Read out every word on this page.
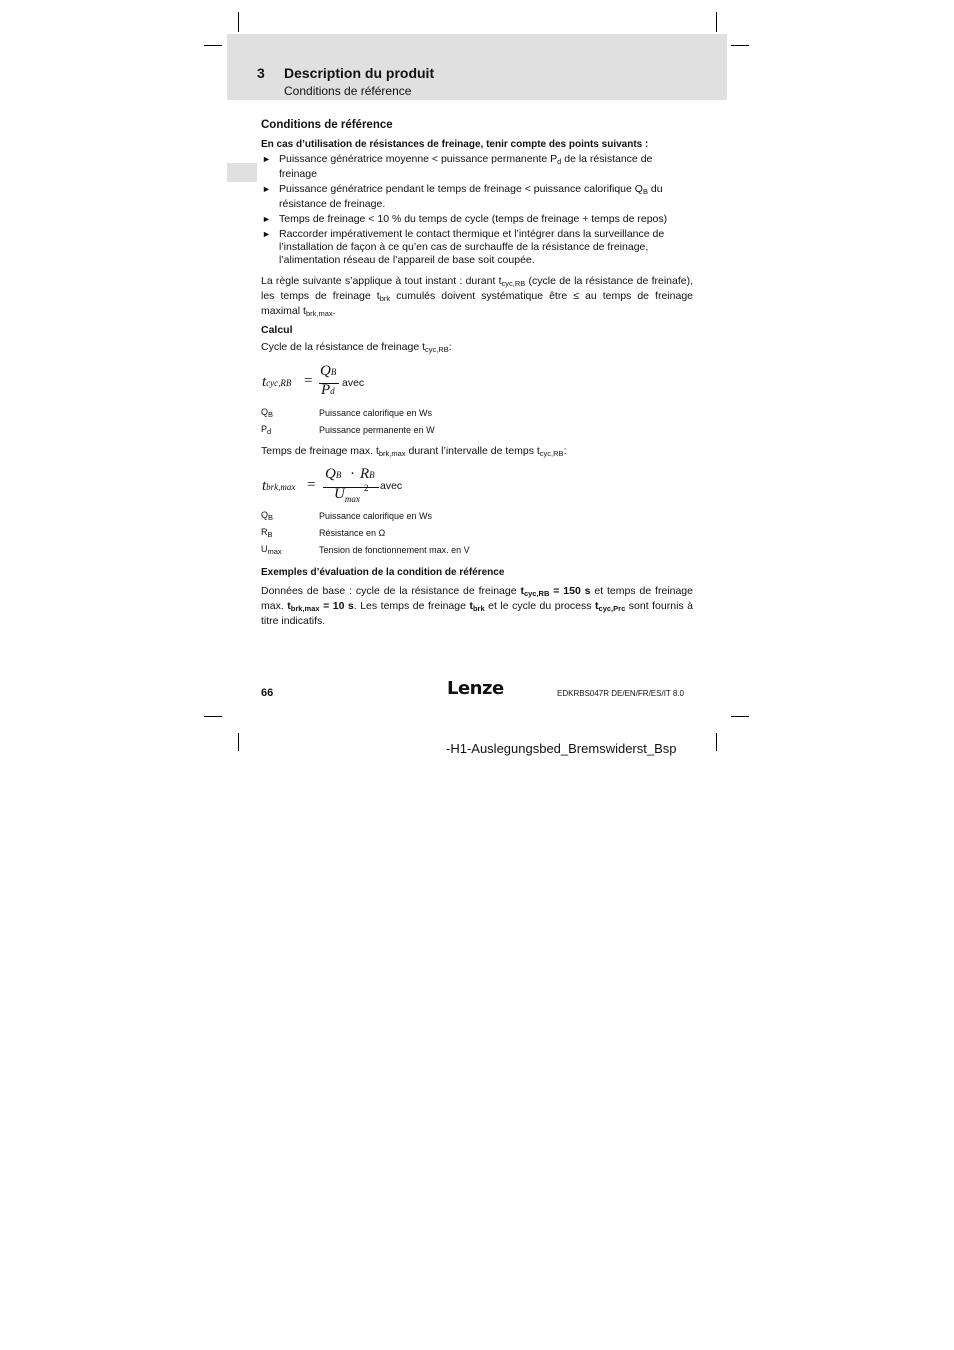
3 Description du produit
Conditions de référence
Conditions de référence

En cas d’utilisation de résistances de freinage, tenir compte des points suivants :

► Puissance génératrice moyenne < puissance permanente $P_d$ de la résistance de freinage
► Puissance génératrice pendant le temps de freinage < puissance calorifique $Q_B$ du résistance de freinage.
► Temps de freinage < 10 % du temps de cycle (temps de freinage + temps de repos)
► Raccorder impérativement le contact thermique et l’intégrer dans la surveillance de l’installation de façon à ce qu’en cas de surchauffe de la résistance de freinage, l’alimentation réseau de l’appareil de base soit coupée.

La règle suivante s’applique à tout instant : durant $t_{cyc,RB}$ (cycle de la résistance de freinafe), les temps de freinage $t_{brk}$ cumulés doivent systématique être ≤ au temps de freinage maximal $t_{brk,max}$.

Calcul

Cycle de la résistance de freinage $t_{cyc,RB}$:

tcyc,RB =
QB
Pd
avec
$Q_B$	Puissance calorifique en Ws
$P_d$	Puissance permanente en W

Temps de freinage max. $t_{brk,max}$ durant l’intervalle de temps $t_{cyc,RB}$:

tbrk,max =
QB · RB
$U_{max}$
2 avec
$Q_B$	Puissance calorifique en Ws
$R_B$	Résistance en Ω
$U_{max}$	Tension de fonctionnement max. en V

Exemples d’évaluation de la condition de référence

Données de base : cycle de la résistance de freinage $t_{cyc,RB} = 150$ s et temps de freinage max. $t_{brk,max} = 10$ s. Les temps de freinage $t_{brk}$ et le cycle du process $t_{cyc,Prc}$ sont fournis à titre indicatifs.

66	Lenze	EDKRBS047R DE/EN/FR/ES/IT 8.0
-H1-Auslegungsbed_Bremswiderst_Bsp
